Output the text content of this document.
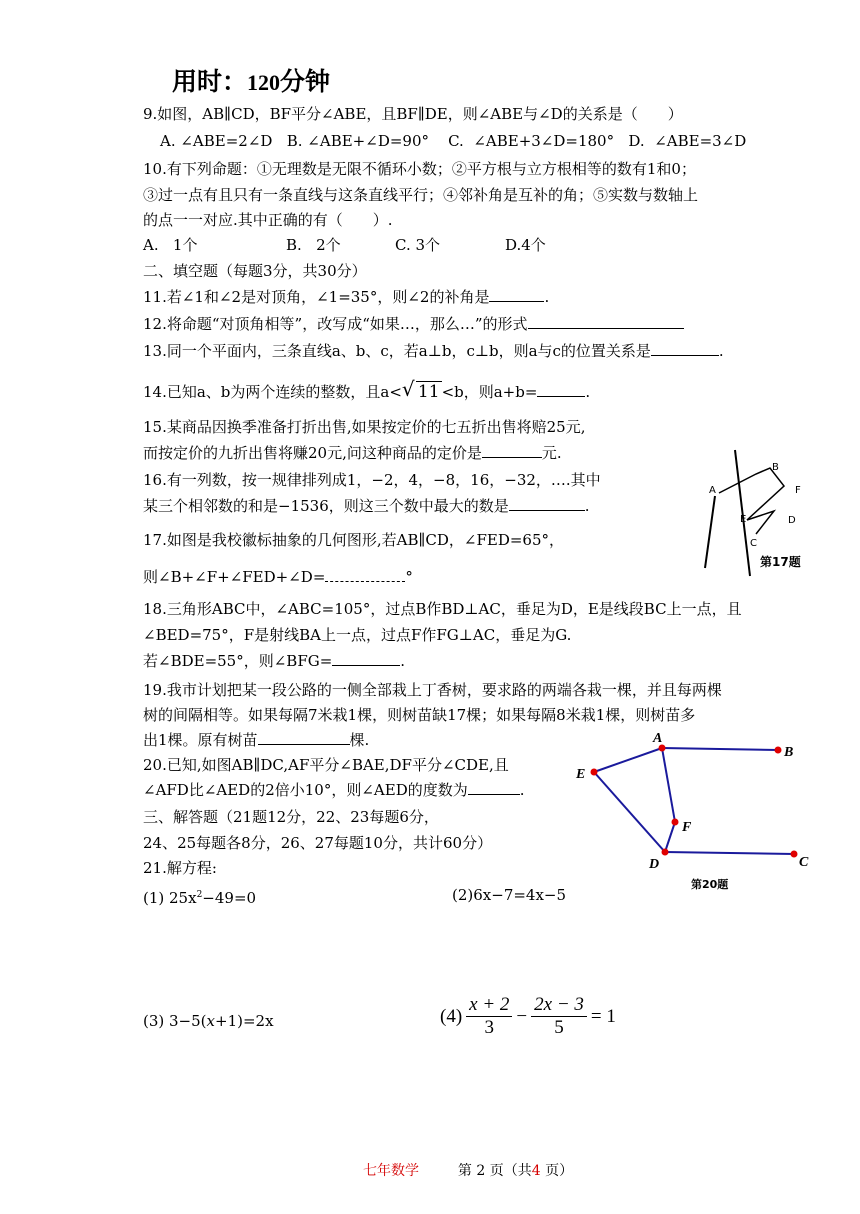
用时：120分钟
9.如图，AB∥CD，BF平分∠ABE，且BF∥DE，则∠ABE与∠D的关系是（　　）
A. ∠ABE=2∠D   B. ∠ABE+∠D=90°    C.  ∠ABE+3∠D=180°   D.  ∠ABE=3∠D
10.有下列命题：①无理数是无限不循环小数；②平方根与立方根相等的数有1和0；
③过一点有且只有一条直线与这条直线平行；④邻补角是互补的角；⑤实数与数轴上
的点一一对应.其中正确的有（　　）.
A.   1个	B.   2个	C. 3个	D.4个
二、填空题（每题3分，共30分）
11.若∠1和∠2是对顶角，∠1=35°，则∠2的补角是	.
12.将命题“对顶角相等”，改写成“如果…，那么…”的形式
13.同一个平面内，三条直线a、b、c，若a⊥b，c⊥b，则a与c的位置关系是	.
14.已知a、b为两个连续的整数，且a< √ 11 <b，则a+b=	.
15.某商品因换季准备打折出售,如果按定价的七五折出售将赔25元,
而按定价的九折出售将赚20元,问这种商品的定价是	元.
16.有一列数，按一规律排列成1，−2，4，−8，16，−32，….其中
某三个相邻数的和是−1536，则这三个数中最大的数是	.
17.如图是我校徽标抽象的几何图形,若AB∥CD，∠FED=65°，
则∠B+∠F+∠FED+∠D=	°
A
B
F
E	D
C
第17题
18.三角形ABC中，∠ABC=105°，过点B作BD⊥AC，垂足为D，E是线段BC上一点，且
∠BED=75°，F是射线BA上一点，过点F作FG⊥AC，垂足为G.
若∠BDE=55°，则∠BFG=	.
19.我市计划把某一段公路的一侧全部栽上丁香树，要求路的两端各栽一棵，并且每两棵
树的间隔相等。如果每隔7米栽1棵，则树苗缺17棵；如果每隔8米栽1棵，则树苗多
出1棵。原有树苗	棵.
20.已知,如图AB∥DC,AF平分∠BAE,DF平分∠CDE,且
∠AFD比∠AED的2倍小10°，则∠AED的度数为	.
A
B
E
F
D	C
第20题
三、解答题（21题12分，22、23每题6分，
24、25每题各8分，26、27每题10分，共计60分）
21.解方程:
(1) $25x^2-49=0$	(2)6x−7=4x−5
(3) 3−5(x+1)=2x	$(4) \frac{x + 2}{3} - \frac{2x - 3}{5} = 1$
七年数学	第 2 页（共4 页）
